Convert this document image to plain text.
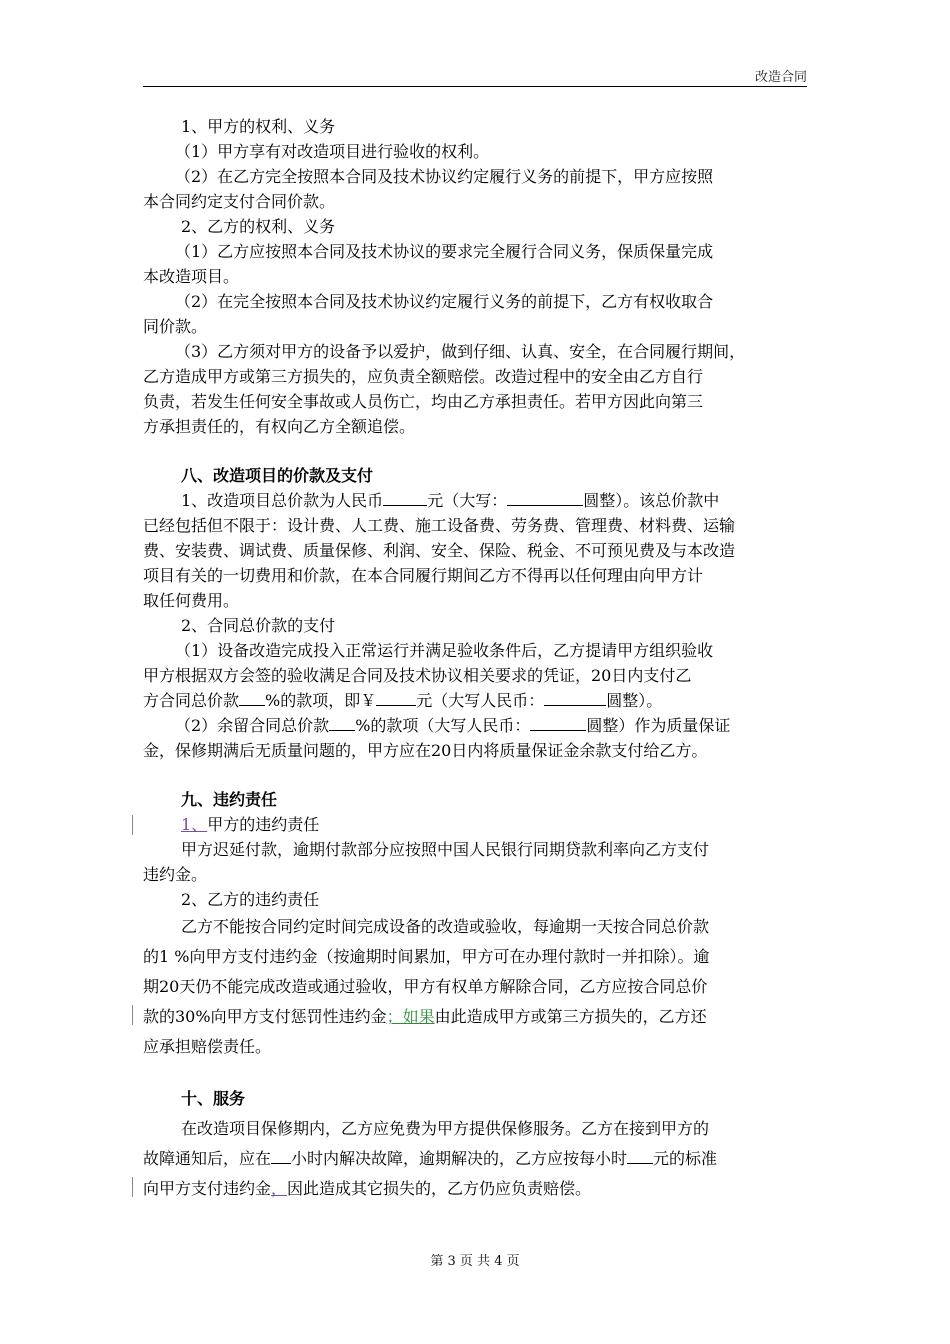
改造合同
1、甲方的权利、义务
（1）甲方享有对改造项目进行验收的权利。
（2）在乙方完全按照本合同及技术协议约定履行义务的前提下，甲方应按照
本合同约定支付合同价款。
2、乙方的权利、义务
（1）乙方应按照本合同及技术协议的要求完全履行合同义务，保质保量完成
本改造项目。
（2）在完全按照本合同及技术协议约定履行义务的前提下，乙方有权收取合
同价款。
（3）乙方须对甲方的设备予以爱护，做到仔细、认真、安全，在合同履行期间，
乙方造成甲方或第三方损失的，应负责全额赔偿。改造过程中的安全由乙方自行
负责，若发生任何安全事故或人员伤亡，均由乙方承担责任。若甲方因此向第三
方承担责任的，有权向乙方全额追偿。
八、改造项目的价款及支付
1、改造项目总价款为人民币	元（大写：	圆整）。该总价款中
已经包括但不限于：设计费、人工费、施工设备费、劳务费、管理费、材料费、运输
费、安装费、调试费、质量保修、利润、安全、保险、税金、不可预见费及与本改造
项目有关的一切费用和价款，在本合同履行期间乙方不得再以任何理由向甲方计
取任何费用。
2、合同总价款的支付
（1）设备改造完成投入正常运行并满足验收条件后，乙方提请甲方组织验收
甲方根据双方会签的验收满足合同及技术协议相关要求的凭证，20日内支付乙
方合同总价款 %的款项，即￥	元（大写人民币：	圆整）。
（2）余留合同总价款 %的款项（大写人民币：	圆整）作为质量保证
金，保修期满后无质量问题的，甲方应在20日内将质量保证金余款支付给乙方。
九、违约责任
1、甲方的违约责任
甲方迟延付款，逾期付款部分应按照中国人民银行同期贷款利率向乙方支付
违约金。
2、乙方的违约责任
乙方不能按合同约定时间完成设备的改造或验收，每逾期一天按合同总价款
的1 %向甲方支付违约金（按逾期时间累加，甲方可在办理付款时一并扣除）。逾
期20天仍不能完成改造或通过验收，甲方有权单方解除合同，乙方应按合同总价
款的30%向甲方支付惩罚性违约金；如果由此造成甲方或第三方损失的，乙方还
应承担赔偿责任。
十、服务
在改造项目保修期内，乙方应免费为甲方提供保修服务。乙方在接到甲方的
故障通知后，应在 小时内解决故障，逾期解决的，乙方应按每小时 元的标准
向甲方支付违约金，因此造成其它损失的，乙方仍应负责赔偿。
第 3 页 共 4 页
